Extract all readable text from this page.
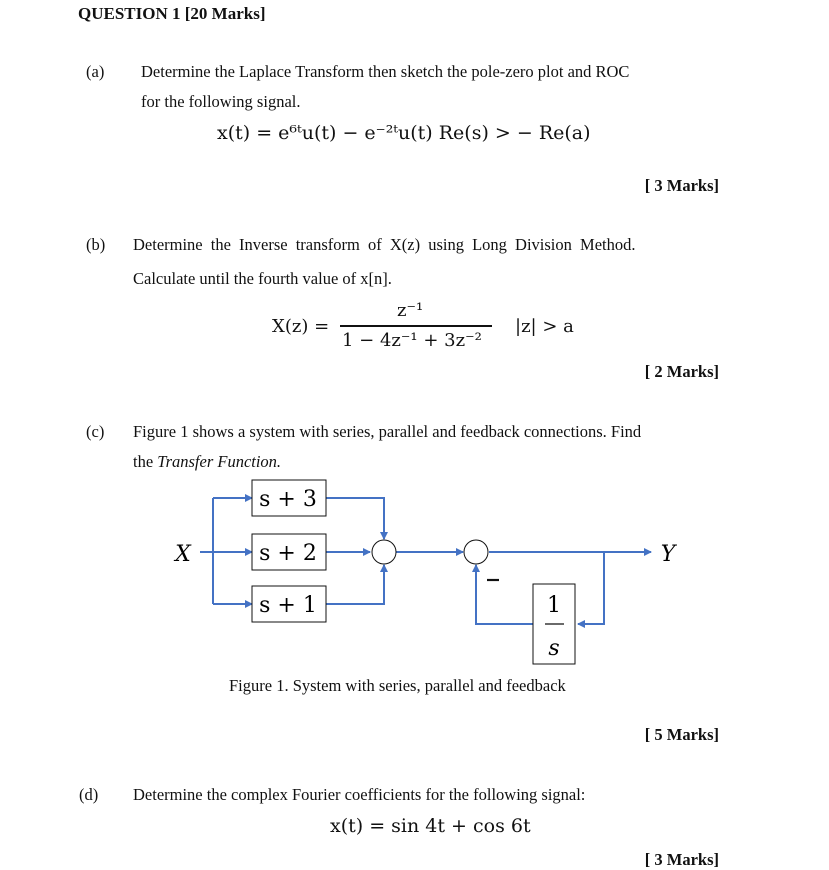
QUESTION 1 [20 Marks]
(a) Determine the Laplace Transform then sketch the pole-zero plot and ROC
for the following signal.
x(t) = e⁶ᵗu(t) − e⁻²ᵗu(t) Re(s) > − Re(a)
[ 3 Marks]
(b) Determine the Inverse transform of X(z) using Long Division Method.
Calculate until the fourth value of x[n].
X(z) =
z⁻¹
1 − 4z⁻¹ + 3z⁻²
|z| > a
[ 2 Marks]
(c) Figure 1 shows a system with series, parallel and feedback connections. Find
the Transfer Function.
s + 3
s + 2
s + 1	1
s
X	Y
Figure 1. System with series, parallel and feedback
[ 5 Marks]
(d) Determine the complex Fourier coefficients for the following signal:
x(t) = sin 4t + cos 6t
[ 3 Marks]
